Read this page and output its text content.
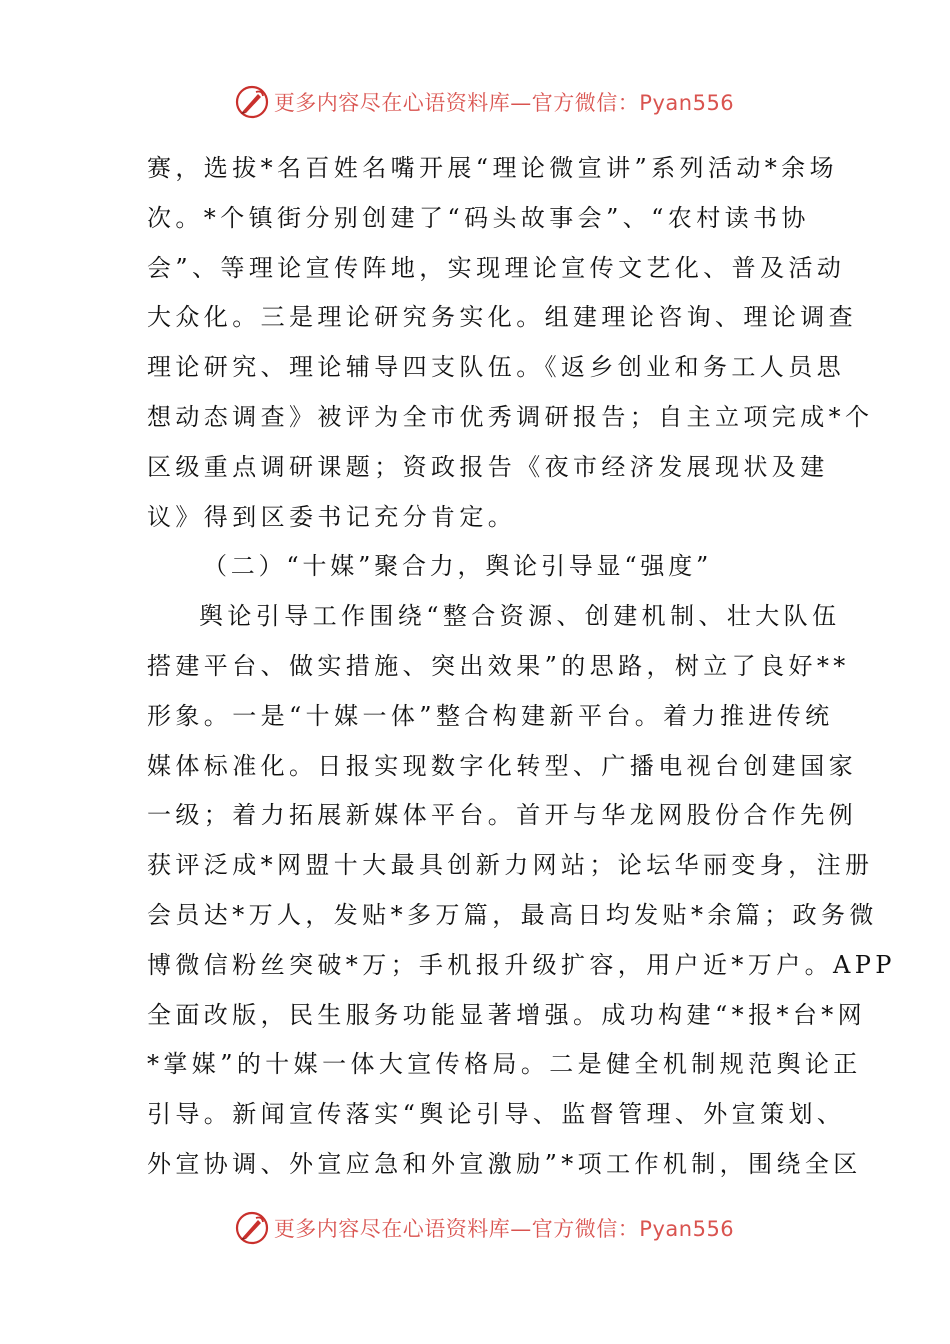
更多内容尽在心语资料库—官方微信：Pyan556
赛，选拔*名百姓名嘴开展“理论微宣讲”系列活动*余场
次。*个镇街分别创建了“码头故事会”、“农村读书协
会”、等理论宣传阵地，实现理论宣传文艺化、普及活动
大众化。三是理论研究务实化。组建理论咨询、理论调查
理论研究、理论辅导四支队伍。《返乡创业和务工人员思
想动态调查》被评为全市优秀调研报告；自主立项完成*个
区级重点调研课题；资政报告《夜市经济发展现状及建
议》得到区委书记充分肯定。
（二）“十媒”聚合力，舆论引导显“强度”
舆论引导工作围绕“整合资源、创建机制、壮大队伍
搭建平台、做实措施、突出效果”的思路，树立了良好**
形象。一是“十媒一体”整合构建新平台。着力推进传统
媒体标准化。日报实现数字化转型、广播电视台创建国家
一级；着力拓展新媒体平台。首开与华龙网股份合作先例
获评泛成*网盟十大最具创新力网站；论坛华丽变身，注册
会员达*万人，发贴*多万篇，最高日均发贴*余篇；政务微
博微信粉丝突破*万；手机报升级扩容，用户近*万户。APP
全面改版，民生服务功能显著增强。成功构建“*报*台*网
*掌媒”的十媒一体大宣传格局。二是健全机制规范舆论正
引导。新闻宣传落实“舆论引导、监督管理、外宣策划、
外宣协调、外宣应急和外宣激励”*项工作机制，围绕全区
更多内容尽在心语资料库—官方微信：Pyan556
